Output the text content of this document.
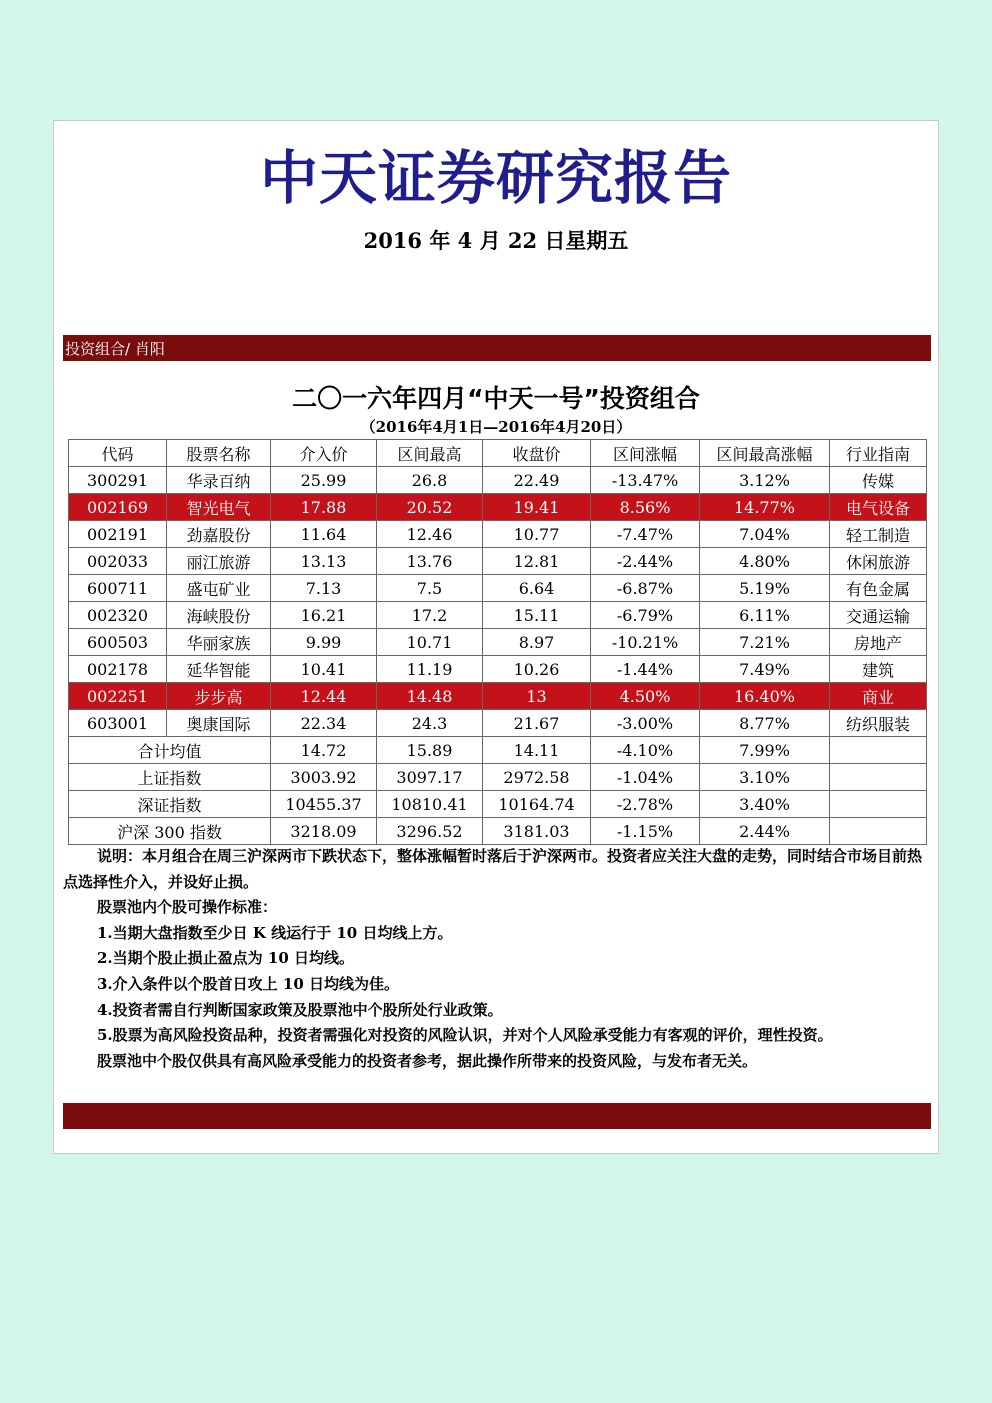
中天证券研究报告
2016 年 4 月 22 日星期五
投资组合/ 肖阳
二〇一六年四月“中天一号”投资组合
（2016年4月1日—2016年4月20日）
代码	股票名称	介入价	区间最高	收盘价	区间涨幅	区间最高涨幅	行业指南
300291	华录百纳	25.99	26.8	22.49	-13.47%	3.12%	传媒
002169	智光电气	17.88	20.52	19.41	8.56%	14.77%	电气设备
002191	劲嘉股份	11.64	12.46	10.77	-7.47%	7.04%	轻工制造
002033	丽江旅游	13.13	13.76	12.81	-2.44%	4.80%	休闲旅游
600711	盛屯矿业	7.13	7.5	6.64	-6.87%	5.19%	有色金属
002320	海峡股份	16.21	17.2	15.11	-6.79%	6.11%	交通运输
600503	华丽家族	9.99	10.71	8.97	-10.21%	7.21%	房地产
002178	延华智能	10.41	11.19	10.26	-1.44%	7.49%	建筑
002251	步步高	12.44	14.48	13	4.50%	16.40%	商业
603001	奥康国际	22.34	24.3	21.67	-3.00%	8.77%	纺织服装
合计均值		14.72	15.89	14.11	-4.10%	7.99%	
上证指数		3003.92	3097.17	2972.58	-1.04%	3.10%	
深证指数		10455.37	10810.41	10164.74	-2.78%	3.40%	
沪深 300 指数		3218.09	3296.52	3181.03	-1.15%	2.44%	

说明：本月组合在周三沪深两市下跌状态下，整体涨幅暂时落后于沪深两市。投资者应关注大盘的走势，同时结合市场目前热点选择性介入，并设好止损。

股票池内个股可操作标准：

1.当期大盘指数至少日 K 线运行于 10 日均线上方。

2.当期个股止损止盈点为 10 日均线。

3.介入条件以个股首日攻上 10 日均线为佳。

4.投资者需自行判断国家政策及股票池中个股所处行业政策。

5.股票为高风险投资品种，投资者需强化对投资的风险认识，并对个人风险承受能力有客观的评价，理性投资。

股票池中个股仅供具有高风险承受能力的投资者参考，据此操作所带来的投资风险，与发布者无关。
